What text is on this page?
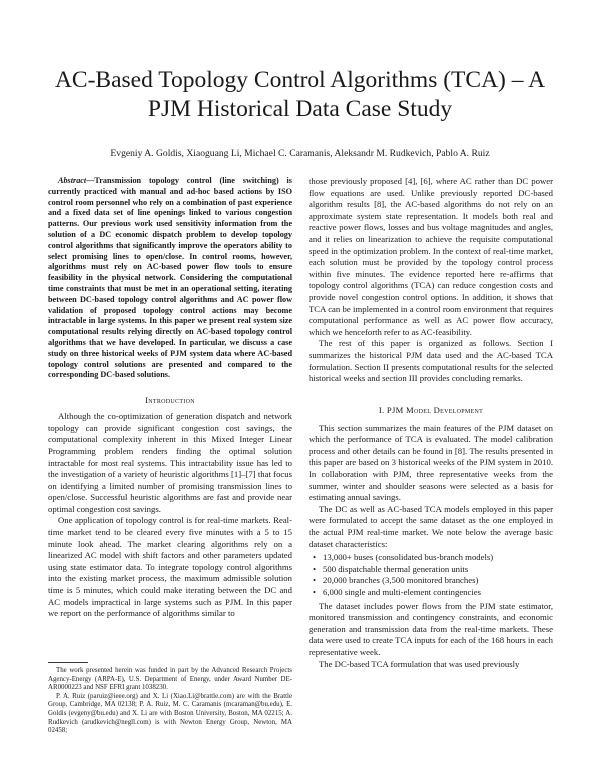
AC-Based Topology Control Algorithms (TCA) – A PJM Historical Data Case Study
Evgeniy A. Goldis, Xiaoguang Li, Michael C. Caramanis, Aleksandr M. Rudkevich, Pablo A. Ruiz

Abstract—Transmission topology control (line switching) is currently practiced with manual and ad-hoc based actions by ISO control room personnel who rely on a combination of past experience and a fixed data set of line openings linked to various congestion patterns. Our previous work used sensitivity information from the solution of a DC economic dispatch problem to develop topology control algorithms that significantly improve the operators ability to select promising lines to open/close. In control rooms, however, algorithms must rely on AC-based power flow tools to ensure feasibility in the physical network. Considering the computational time constraints that must be met in an operational setting, iterating between DC-based topology control algorithms and AC power flow validation of proposed topology control actions may become intractable in large systems. In this paper we present real system size computational results relying directly on AC-based topology control algorithms that we have developed. In particular, we discuss a case study on three historical weeks of PJM system data where AC-based topology control solutions are presented and compared to the corresponding DC-based solutions.

Introduction

Although the co-optimization of generation dispatch and network topology can provide significant congestion cost savings, the computational complexity inherent in this Mixed Integer Linear Programming problem renders finding the optimal solution intractable for most real systems. This intractability issue has led to the investigation of a variety of heuristic algorithms [1]–[7] that focus on identifying a limited number of promising transmission lines to open/close. Successful heuristic algorithms are fast and provide near optimal congestion cost savings.

One application of topology control is for real-time markets. Real-time market tend to be cleared every five minutes with a 5 to 15 minute look ahead. The market clearing algorithms rely on a linearized AC model with shift factors and other parameters updated using state estimator data. To integrate topology control algorithms into the existing market process, the maximum admissible solution time is 5 minutes, which could make iterating between the DC and AC models impractical in large systems such as PJM. In this paper we report on the performance of algorithms similar to

The work presented herein was funded in part by the Advanced Research Projects Agency-Energy (ARPA-E), U.S. Department of Energy, under Award Number DE-AR0000223 and NSF EFRI grant 1038230.

P. A. Ruiz (paruiz@ieee.org) and X. Li (Xiao.Li@brattle.com) are with the Brattle Group, Cambridge, MA 02138; P. A. Ruiz, M. C. Caramanis (mcaraman@bu.edu), E. Goldis (evgeny@bu.edu) and X. Li are with Boston University, Boston, MA 02215; A. Rudkevich (arudkevich@negll.com) is with Newton Energy Group, Newton, MA 02458;

those previously proposed [4], [6], where AC rather than DC power flow equations are used. Unlike previously reported DC-based algorithm results [8], the AC-based algorithms do not rely on an approximate system state representation. It models both real and reactive power flows, losses and bus voltage magnitudes and angles, and it relies on linearization to achieve the requisite computational speed in the optimization problem. In the context of real-time market, each solution must be provided by the topology control process within five minutes. The evidence reported here re-affirms that topology control algorithms (TCA) can reduce congestion costs and provide novel congestion control options. In addition, it shows that TCA can be implemented in a control room environment that requires computational performance as well as AC power flow accuracy, which we henceforth refer to as AC-feasibility.

The rest of this paper is organized as follows. Section I summarizes the historical PJM data used and the AC-based TCA formulation. Section II presents computational results for the selected historical weeks and section III provides concluding remarks.

I. PJM Model Development

This section summarizes the main features of the PJM dataset on which the performance of TCA is evaluated. The model calibration process and other details can be found in [8]. The results presented in this paper are based on 3 historical weeks of the PJM system in 2010. In collaboration with PJM, three representative weeks from the summer, winter and shoulder seasons were selected as a basis for estimating annual savings.

The DC as well as AC-based TCA models employed in this paper were formulated to accept the same dataset as the one employed in the actual PJM real-time market. We note below the average basic dataset characteristics:

• 13,000+ buses (consolidated bus-branch models)
• 500 dispatchable thermal generation units
• 20,000 branches (3,500 monitored branches)
• 6,000 single and multi-element contingencies

The dataset includes power flows from the PJM state estimator, monitored transmission and contingency constraints, and economic generation and transmission data from the real-time markets. These data were used to create TCA inputs for each of the 168 hours in each representative week.

The DC-based TCA formulation that was used previously
